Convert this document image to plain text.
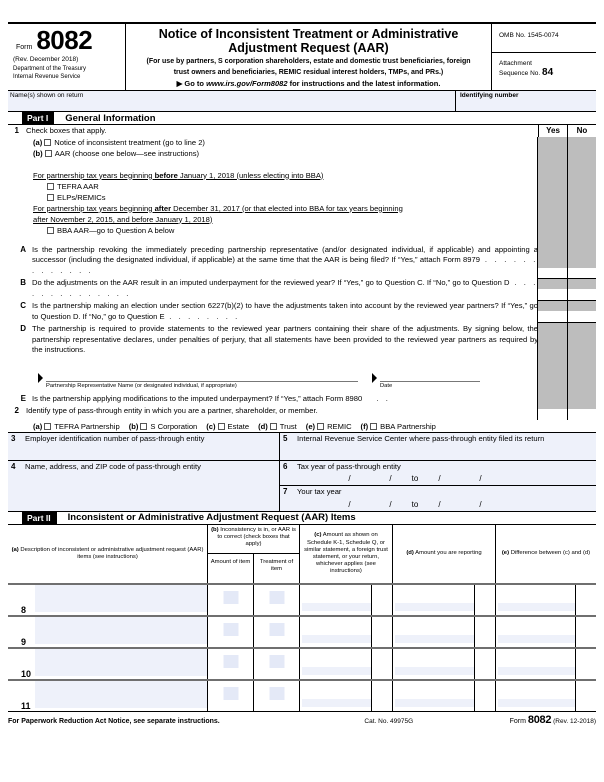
Form 8082
(Rev. December 2018)
Department of the Treasury
Internal Revenue Service
Notice of Inconsistent Treatment or Administrative
Adjustment Request (AAR)
(For use by partners, S corporation shareholders, estate and domestic trust beneficiaries, foreign
trust owners and beneficiaries, REMIC residual interest holders, TMPs, and PRs.)
▶ Go to www.irs.gov/Form8082 for instructions and the latest information.
OMB No. 1545-0074
Attachment
Sequence No. 84
Name(s) shown on return	Identifying number
Part I	General Information
Yes	No
1 Check boxes that apply.
(a) Notice of inconsistent treatment (go to line 2)
(b) AAR (choose one below—see instructions)
For partnership tax years beginning before January 1, 2018 (unless electing into BBA)
TEFRA AAR
ELPs/REMICs
For partnership tax years beginning after December 31, 2017 (or that elected into BBA for tax years beginning
after November 2, 2015, and before January 1, 2018)
BBA AAR—go to Question A below
A Is the partnership revoking the immediately preceding partnership representative (and/or designated individual, if applicable) and appointing a successor (including the designated individual, if applicable) at the same time that the AAR is being filed? If “Yes,” attach Form 8979 . . . . . . . . . . . . .
B Do the adjustments on the AAR result in an imputed underpayment for the reviewed year? If “Yes,” go to Question C. If “No,” go to Question D . . . . . . . . . . . . . .
C Is the partnership making an election under section 6227(b)(2) to have the adjustments taken into account by the reviewed year partners? If “Yes,” go to Question D. If “No,” go to Question E . . . . . . . .
D The partnership is required to provide statements to the reviewed year partners containing their share of the adjustments. By signing below, the partnership representative declares, under penalties of perjury, that all statements have been provided to the reviewed year partners as required by the instructions.
Partnership Representative Name (or designated individual, if appropriate)	Date
E Is the partnership applying modifications to the imputed underpayment? If “Yes,” attach Form 8980   . .
2 Identify type of pass-through entity in which you are a partner, shareholder, or member.
(a) TEFRA Partnership (b) S Corporation (c) Estate (d) Trust (e) REMIC (f) BBA Partnership
3	Employer identification number of pass-through entity
4	Name, address, and ZIP code of pass-through entity
5	Internal Revenue Service Center where pass-through entity filed its return
6	Tax year of pass-through entity
/	/	to	/	/
7	Your tax year
/	/	to	/	/
Part II	Inconsistent or Administrative Adjustment Request (AAR) Items
(a) Description of inconsistent or administrative adjustment request (AAR) items (see instructions)
(b) Inconsistency is in, or AAR is to correct (check boxes that apply)
Amount of item	Treatment of item
(c) Amount as shown on Schedule K-1, Schedule Q, or similar statement, a foreign trust statement, or your return, whichever applies (see instructions)
(d) Amount you are reporting	(e) Difference between (c) and (d)
8
9
10
11
For Paperwork Reduction Act Notice, see separate instructions.	Cat. No. 49975G	Form 8082 (Rev. 12-2018)
